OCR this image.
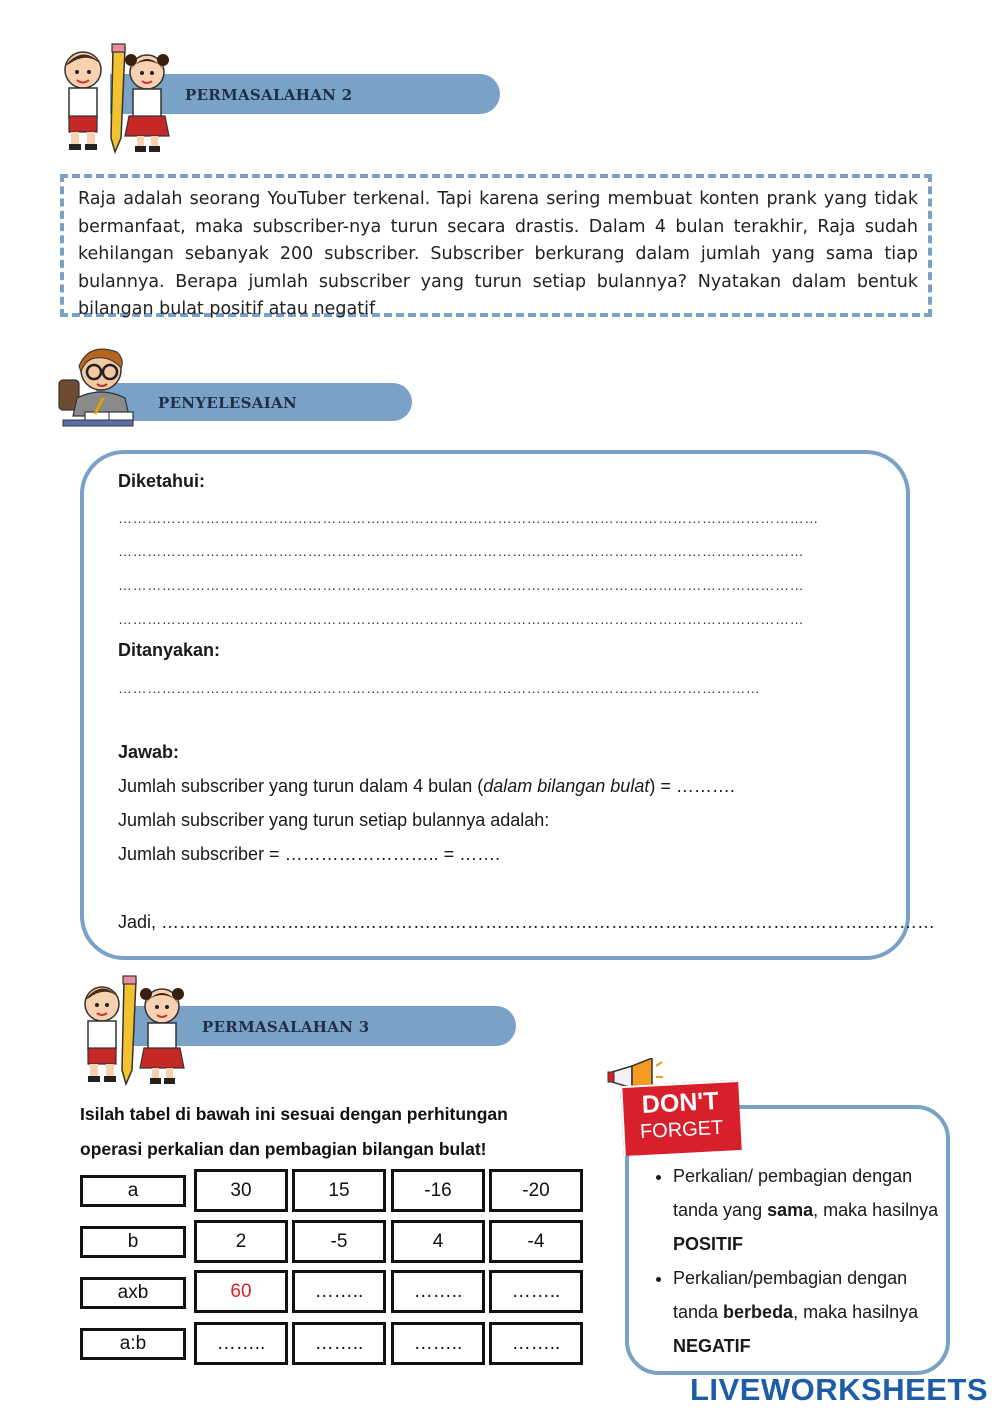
PERMASALAHAN 2
Raja adalah seorang YouTuber terkenal. Tapi karena sering membuat konten prank yang tidak bermanfaat, maka subscriber-nya turun secara drastis. Dalam 4 bulan terakhir, Raja sudah kehilangan sebanyak 200 subscriber. Subscriber berkurang dalam jumlah yang sama tiap bulannya. Berapa jumlah subscriber yang turun setiap bulannya? Nyatakan dalam bentuk bilangan bulat positif atau negatif
PENYELESAIAN
Diketahui:
………………………………………………………………………………………………………………………………
……………………………………………………………………………………………………………………………
……………………………………………………………………………………………………………………………
……………………………………………………………………………………………………………………………
Ditanyakan:
……………………………………………………………………………………………………………………
Jawab:
Jumlah subscriber yang turun dalam 4 bulan (dalam bilangan bulat) = ……….
Jumlah subscriber yang turun setiap bulannya adalah:
Jumlah subscriber = …………………….. = …….
Jadi, …………………………………………………………………………………………………………………
PERMASALAHAN 3
Isilah tabel di bawah ini sesuai dengan perhitungan
operasi perkalian dan pembagian bilangan bulat!
a	30	15	-16	-20
b	2	-5	4	-4
axb	60	……..	……..	……..
a:b	……..	……..	……..	……..
• Perkalian/ pembagian dengan tanda yang sama, maka hasilnya POSITIF
• Perkalian/pembagian dengan tanda berbeda, maka hasilnya NEGATIF
DON'T
FORGET
LIVEWORKSHEETS
